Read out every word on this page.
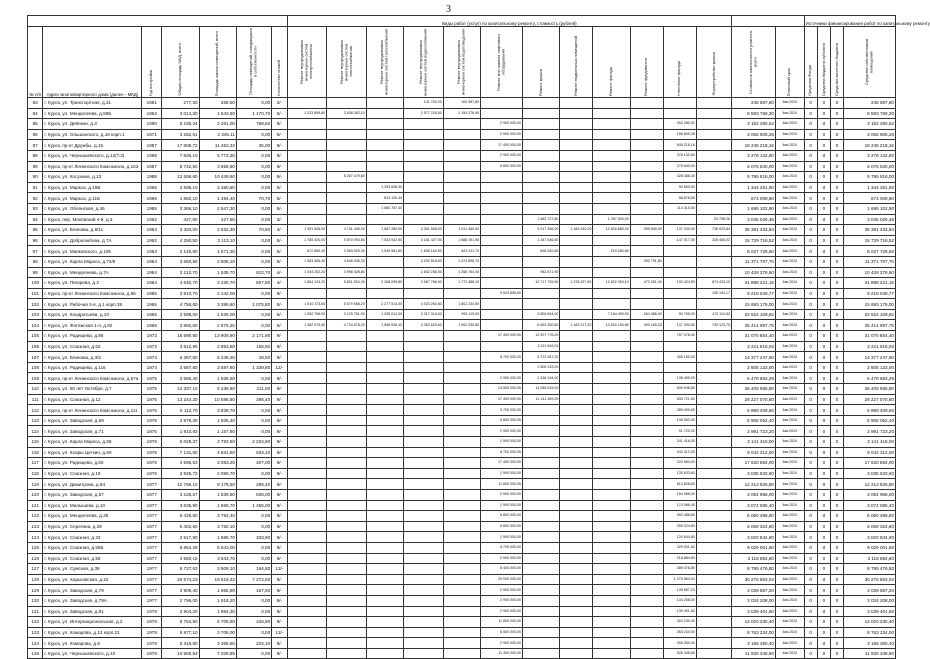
3
							Виды работ (услуг) по капитальному ремонту, стоимость (рублей)														Источники финансирования работ по капитальному ремонту			
№ п/п	Адрес многоквартирного дома (далее - МКД)	Год постройки	Общая площадь МКД, всего	Площадь жилых помещений, всего	Площадь помещений, находящихся в собственности	Количество этажей	Ремонт внутридомовых инженерных систем электроснабжения	Ремонт внутридомовых инженерных систем теплоснабжения	Ремонт внутридомовых инженерных систем газоснабжения	Ремонт внутридомовых инженерных систем водоснабжения	Ремонт внутридомовых инженерных систем водоотведения	Ремонт или замена лифтового оборудования	Ремонт крыши	Ремонт подвальных помещений	Ремонт фасада	Ремонт фундамента	Утепление фасада	Переустройство крыши	Стоимость капитального ремонта, всего	Плановый срок	Средства Фонда	Средства бюджета субъекта	Средства местного бюджета	Средства собственников помещений
83	г. Курск, ул. Транспортная, д.31	1961	277,30	268,50	0,00	2/-				141 700,20	100 987,80								245 687,80	4кв.2024	0	0	0	245 687,80
84	г. Курск, ул. Менделеева, д.59Б	1962	3 014,30	1 643,60	1 170,70	5/-	1 223 895,80	3 638 382,10		2 577 226,50	1 154 278,90								8 593 769,30	4кв.2024	0	0	0	8 593 769,30
85	г. Курск, ул. Дейнеки, д.3	1990	5 236,24	2 261,00	768,60	9/-						2 900 000,00					252 280,52		3 152 280,52	4кв.2024	0	0	0	3 152 280,52
86	г. Курск, ул. Ольшанского, д.16 корп.1	1971	3 282,61	2 345,11	0,00	5/-						2 900 000,00					156 605,28		3 056 605,28	4кв.2024	0	0	0	3 056 605,28
87	г. Курск, пр-кт Дружбы, д.15	1987	17 608,72	11 453,32	35,00	9/-						17 400 000,00					845 218,16		18 245 218,16	4кв.2024	0	0	0	18 245 218,16
88	г. Курск, ул. Чернышевского, д.12(Т.3)	1968	7 836,10	5 773,30	0,00	9/-						2 900 000,00					376 132,80		3 276 132,80	4кв.2024	0	0	0	3 276 132,80
89	г. Курск, пр-кт Ленинского Комсомола, д.103	1987	5 742,50	3 656,60	0,00	9/-						5 800 000,00					275 640,00		6 075 640,00	4кв.2024	0	0	0	6 075 640,00
90	г. Курск, ул. Косухина, д.13	1988	12 559,60	10 449,60	0,00	9/-		5 267 479,60									428 388,40		5 795 816,00	4кв.2024	0	0	0	5 795 816,00
91	г. Курск, ул. Маркса, д.19Б	1966	2 595,10	2 460,80	0,00	5/-			1 253 608,40								90 653,50		1 344 261,90	4кв.2024	0	0	0	1 344 261,90
92	г. Курск, ул. Маркса, д.11Б	1966	1 882,10	1 494,40	70,70	5/-			814 130,40								58 878,50		873 009,90	4кв.2024	0	0	0	873 009,90
93	г. Курск, ул. Обоянская, д.46	1965	3 366,10	2 547,30	0,00	5/-			1 580 787,40								114 315,50		1 695 102,90	4кв.2024	0	0	0	1 695 102,90
94	г. Курск, пер. Моковский 4-й, д.3	1962	427,60	427,60	0,00	3/-							1 683 727,80		1 267 500,00			93 798,26	3 045 026,46	4кв.2024	0	0	0	3 045 026,46
95	г. Курск, ул. Блинова, д.9/11	1963	3 320,00	2 532,30	70,60	4/-	1 591 526,00	4 731 440,00	1 687 280,00	3 351 506,00	1 511 360,00		9 017 265,00	1 164 240,29	12 830 880,00	359 840,00	137 209,00	736 023,84	35 381 433,84	4кв.2024	0	0	0	35 381 433,84
96	г. Курск, ул. Добролюбова, д.7А	1962	4 250,50	3 113,10	0,00	5/-	1 785 420,00	5 870 093,50	7 033 542,50	3 181 427,50	1 688 191,50		1 347 546,50				147 017,50	328 465,02	15 729 716,52	4кв.2024	0	0	0	15 729 716,52
97	г. Курск, ул. Маяковского, д.105	1963	2 145,90	1 571,30	0,00	5/-	872 859,40	2 594 929,30	1 049 561,60	1 838 164,50	823 411,70		838 520,85		219 280,80				8 027 726,60	4кв.2024	0	0	0	8 027 726,60
98	г. Курск, ул. Карла Маркса, д.72/8	1964	3 650,90	2 508,10	0,00	5/-	1 563 465,40	4 648 036,30		3 292 518,50	1 474 896,70					392 791,80			11 371 707,70	4кв.2024	0	0	0	11 371 707,70
99	г. Курск, ул. Менделеева, д.7А	1964	3 212,70	1 535,70	912,70	4/-	1 344 252,20	3 998 428,80		2 832 258,50	1 268 764,40		983 671,90						10 428 376,60	4кв.2024	0	0	0	10 428 376,60
100	г. Курск, ул. Пигорева, д.2	1964	4 640,70	3 430,70	507,80	4/-	1 864 124,20	5 801 524,30	2 268 095,80	3 067 766,50	1 772 388,10		10 717 739,90	1 378 257,60	12 822 054,10	473 351,40	192 424,50	874 433,15	41 898 221,15	4кв.2024	0	0	0	41 898 221,15
101	г. Курск, пр-кт Ленинского Комсомола, д.96	1985	3 910,70	2 142,00	0,00	9/-						9 023 896,60						195 194,17	9 218 049,77	4кв.2024	0	0	0	9 218 049,77
102	г. Курск, ул. Рабочая 2-я, д.1 корп.38	1965	4 756,60	3 389,60	1 075,80	5/-	1 910 473,60	5 679 568,20	2 277 513,40	4 023 260,80	1 802 244,60								15 693 176,00	4кв.2024	0	0	0	15 693 176,00
103	г. Курск, ул. Кондратьева, д.10	1966	2 598,00	1 635,00	0,00	5/-	1 052 756,00	3 129 751,00	1 255 012,00	2 217 015,00	993 119,00		5 804 844,00		7 164 490,00	264 486,00	90 755,00	472 110,82	22 524 109,82	4кв.2024	0	0	0	22 524 109,82
104	г. Курск, ул. Фатежская 1-я, д.82	1966	3 892,60	2 876,20	0,00	5/-	1 582 575,60	4 734 578,20	1 898 536,40	3 353 625,60	1 502 290,80		8 653 300,80	1 169 217,20	10 620 160,80	400 165,20	137 290,80	739 123,75	35 414 997,75	4кв.2024	0	0	0	35 414 997,75
105	г. Курск, ул. Радищева, д.86	1973	15 590,90	13 909,90	2 171,90	9/-						17 400 000,00	12 907 776,00				767 078,40		31 070 854,40	4кв.2024	0	0	0	31 070 854,40
106	г. Курск, ул. Союзная, д.53	1973	3 812,90	2 853,60	155,50	9/-							3 221 816,03						3 221 816,03	4кв.2024	0	0	0	3 221 816,03
107	г. Курск, ул. Блинова, д.3/2	1974	6 357,50	5 248,30	48,50	9/-						8 700 000,00	5 372 087,20				305 160,00		14 377 247,50	4кв.2024	0	0	0	14 377 247,50
108	г. Курск, ул. Радищева, д.116	1974	3 587,80	3 587,80	1 339,80	12/-							2 805 133,00						2 805 133,00	4кв.2024	0	0	0	2 805 133,00
109	г. Курск, пр-кт Ленинского Комсомола, д.67а	1975	2 665,40	1 935,50	0,00	9/-						2 900 000,00	2 438 194,00				138 499,29		5 476 693,29	4кв.2024	0	0	0	5 476 693,29
110	г. Курск, ул. 50 лет Октября, д.7	1975	13 337,10	8 238,80	211,00	9/-						14 500 000,00	11 065 619,00				839 946,80		26 405 565,80	4кв.2024	0	0	0	26 405 565,80
111	г. Курск, ул. Союзная, д.12	1975	13 244,20	10 588,80	296,40	9/-						17 400 000,00	11 141 349,00				635 721,60		29 227 070,60	4кв.2024	0	0	0	29 227 070,60
112	г. Курск, пр-кт Ленинского Комсомола, д.111	1976	5 112,70	3 838,70	0,00	9/-						5 700 000,00					289 409,60		5 989 409,60	4кв.2024	0	0	0	5 989 409,60
113	г. Курск, ул. Заводская, д.69	1976	2 876,30	1 935,40	0,00	9/-						5 800 000,00					108 062,40		5 908 062,40	4кв.2024	0	0	0	5 908 062,40
114	г. Курск, ул. Заводская, д.71	1976	1 910,93	1 157,80	0,00	9/-						2 900 000,00					91 723,20		2 991 723,20	4кв.2024	0	0	0	2 991 723,20
115	г. Курск, ул. Карла Маркса, д.58	1976	5 029,37	2 783,50	2 234,80	9/-						2 900 000,00					241 416,00		3 141 416,00	4кв.2024	0	0	0	3 141 416,00
116	г. Курск, ул. Клары Цеткин, д.69	1976	7 131,50	4 831,60	633,10	9/-						8 700 000,00					342 312,00		9 042 312,00	4кв.2024	0	0	0	9 042 312,00
117	г. Курск, ул. Радищева, д.60	1976	4 595,53	3 083,20	407,00	9/-						17 400 000,00					220 584,00		17 620 584,00	4кв.2024	0	0	0	17 620 584,00
118	г. Курск, ул. Союзная, д.19	1976	2 825,73	2 090,70	0,00	9/-						2 900 000,00					135 633,60		3 035 633,60	4кв.2024	0	0	0	3 035 633,60
119	г. Курск, ул. Димитрова, д.84	1977	12 788,10	9 179,50	298,40	9/-						11 600 000,00					613 828,80		12 213 828,80	4кв.2024	0	0	0	12 213 828,80
120	г. Курск, ул. Заводская, д.57	1977	3 228,57	1 839,50	836,00	9/-						2 900 000,00					154 968,00		3 054 968,00	4кв.2024	0	0	0	3 054 968,00
121	г. Курск, ул. Малышева, д.10	1977	3 635,90	1 868,70	1 455,00	9/-						2 900 000,00					174 086,40		3 074 086,40	4кв.2024	0	0	0	3 074 086,40
122	г. Курск, ул. Менделеева, д.38	1977	5 428,50	3 792,40	0,00	9/-						5 800 000,00					260 488,80		6 060 488,80	4кв.2024	0	0	0	6 060 488,80
123	г. Курск, ул. Серегина, д.39	1977	5 402,60	3 760,10	0,00	9/-						5 800 000,00					259 324,80		6 059 324,80	4кв.2024	0	0	0	6 059 324,80
124	г. Курск, ул. Союзная, д.33	1977	2 517,80	1 985,70	333,90	9/-						2 900 000,00					120 844,80		3 020 844,80	4кв.2024	0	0	0	3 020 844,80
125	г. Курск, ул. Союзная, д.55Б	1977	6 854,28	5 843,00	0,00	9/-						8 700 000,00					329 001,60		9 029 001,60	4кв.2024	0	0	0	9 029 001,60
126	г. Курск, ул. Союзная, д.59	1977	4 560,15	3 643,70	0,00	9/-						2 900 000,00					218 884,80		3 118 884,80	4кв.2024	0	0	0	3 118 884,80
127	г. Курск, ул. Сумская, д.38	1977	5 727,63	3 909,10	194,80	12/-						8 400 000,00					389 476,80		8 789 476,80	4кв.2024	0	0	0	8 789 476,80
128	г. Курск, ул. Харьковская, д.22	1977	26 574,23	18 619,33	7 272,50	9/-						29 000 000,00					1 275 563,04		30 275 563,04	4кв.2024	0	0	0	30 275 563,04
129	г. Курск, ул. Заводская, д.79	1977	2 909,40	1 965,90	167,50	9/-						2 900 000,00					139 567,20		3 039 567,20	4кв.2024	0	0	0	3 039 567,20
130	г. Курск, ул. Заводская, д.79А	1977	2 796,00	1 916,20	0,00	9/-						2 900 000,00					134 208,00		3 034 208,00	4кв.2024	0	0	0	3 034 208,00
131	г. Курск, ул. Заводская, д.81	1978	2 904,20	1 984,30	0,00	9/-						2 900 000,00					139 401,60		3 039 401,60	4кв.2024	0	0	0	3 039 401,60
132	г. Курск, ул. Интернациональная, д.2	1978	8 754,80	6 705,50	426,80	9/-						11 600 000,00					420 230,40		12 020 230,40	4кв.2024	0	0	0	12 020 230,40
133	г. Курск, ул. Комарова, д.13 корп.21	1978	5 877,10	3 706,00	0,00	12/-						8 500 000,00					263 234,00		8 763 234,00	4кв.2024	0	0	0	8 763 234,00
134	г. Курск, ул. Комарова, д.6	1978	5 318,80	3 365,60	225,10	9/-						2 900 000,00					255 350,40		3 155 350,40	4кв.2024	0	0	0	3 155 350,40
135	г. Курск, ул. Чернышевского, д.10	1978	10 965,93	7 208,85	0,00	9/-						11 400 000,00					526 348,80		11 926 348,80	4кв.2024	0	0	0	11 926 348,80
